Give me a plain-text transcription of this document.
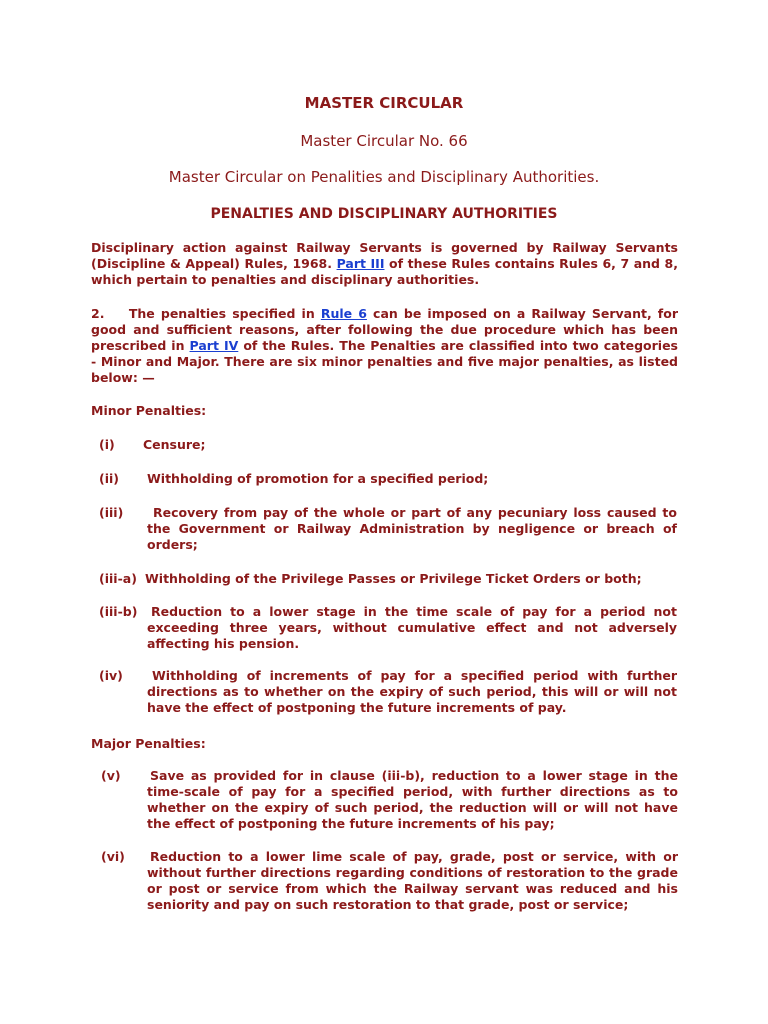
MASTER CIRCULAR
Master Circular No. 66
Master Circular on Penalities and Disciplinary Authorities.
PENALTIES AND DISCIPLINARY AUTHORITIES
Disciplinary action against Railway Servants is governed by Railway Servants (Discipline & Appeal) Rules, 1968. Part III of these Rules contains Rules 6, 7 and 8, which pertain to penalties and disciplinary authorities.
2.    The penalties specified in Rule 6 can be imposed on a Railway Servant, for good and sufficient reasons, after following the due procedure which has been prescribed in Part IV of the Rules. The Penalties are classified into two categories - Minor and Major. There are six minor penalties and five major penalties, as listed below: —
Minor Penalties:
(i) Censure;
(ii) Withholding of promotion for a specified period;
(iii)	Recovery from pay of the whole or part of any pecuniary loss caused to the Government or Railway Administration by negligence or breach of orders;
(iii-a) Withholding of the Privilege Passes or Privilege Ticket Orders or both;
(iii-b)	Reduction to a lower stage in the time scale of pay for a period not exceeding three years, without cumulative effect and not adversely affecting his pension.
(iv)	Withholding of increments of pay for a specified period with further directions as to whether on the expiry of such period, this will or will not have the effect of postponing the future increments of pay.
Major Penalties:
(v) Save as provided for in clause (iii-b), reduction to a lower stage in the time-scale of pay for a specified period, with further directions as to whether on the expiry of such period, the reduction will or will not have the effect of postponing the future increments of his pay;
(vi) Reduction to a lower lime scale of pay, grade, post or service, with or without further directions regarding conditions of restoration to the grade or post or service from which the Railway servant was reduced and his seniority and pay on such restoration to that grade, post or service;
